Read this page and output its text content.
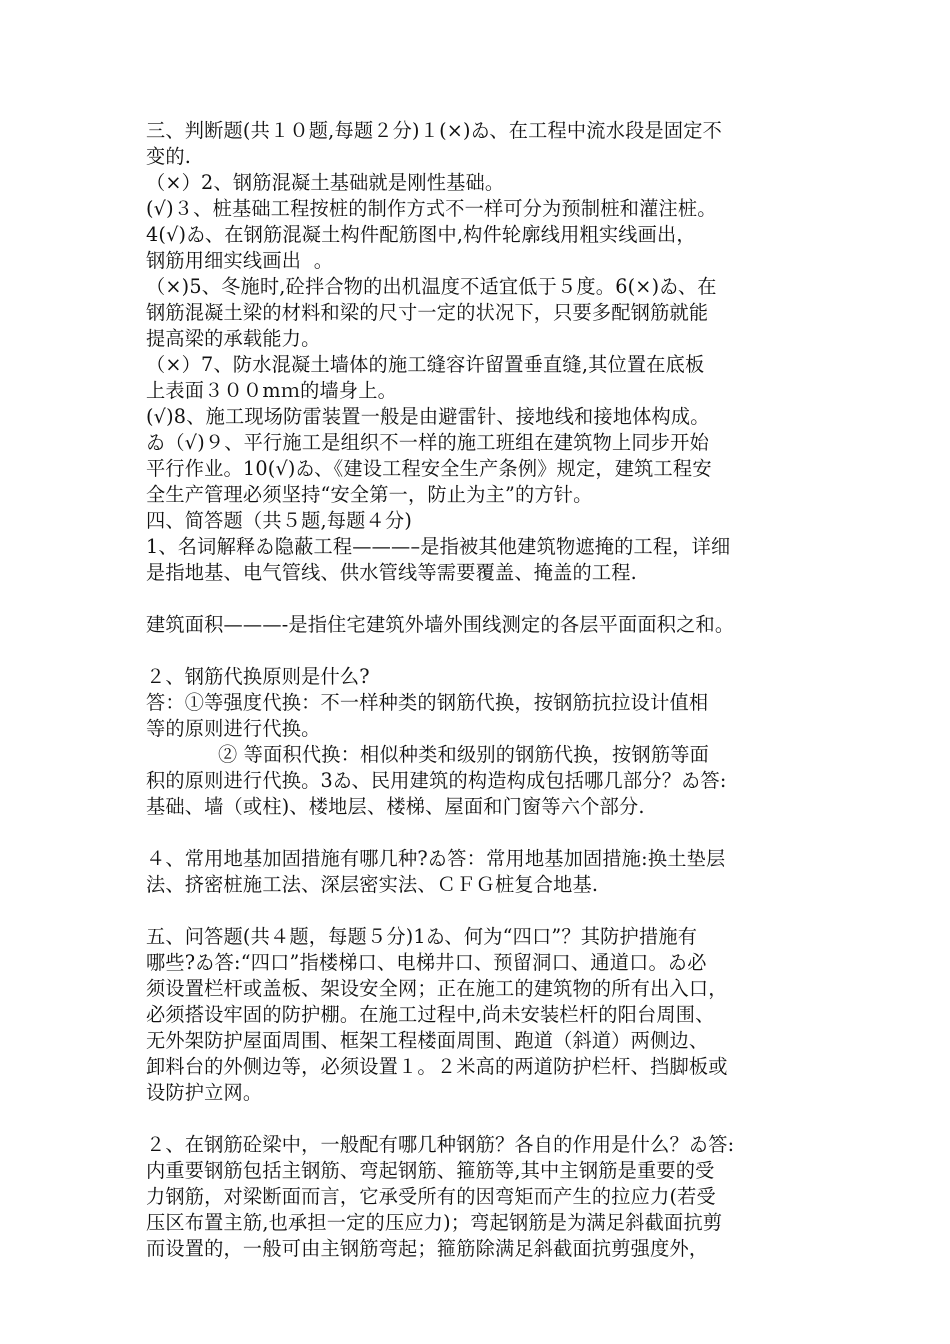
三、判断题(共１０题,每题２分)１(×)ゐ、在工程中流水段是固定不
变的.
（×）2、钢筋混凝土基础就是刚性基础。
(√)３、桩基础工程按桩的制作方式不一样可分为预制桩和灌注桩。
4(√)ゐ、在钢筋混凝土构件配筋图中,构件轮廓线用粗实线画出，
钢筋用细实线画出  。
（×)5、冬施时,砼拌合物的出机温度不适宜低于５度。6(×)ゐ、在
钢筋混凝土梁的材料和梁的尺寸一定的状况下，只要多配钢筋就能
提高梁的承载能力。
（×）7、防水混凝土墙体的施工缝容许留置垂直缝,其位置在底板
上表面３００mｍ的墙身上。
(√)8、施工现场防雷装置一般是由避雷针、接地线和接地体构成。
ゐ（√)９、平行施工是组织不一样的施工班组在建筑物上同步开始
平行作业。10(√)ゐ、《建设工程安全生产条例》规定，建筑工程安
全生产管理必须坚持“安全第一，防止为主”的方针。
四、简答题（共５题,每题４分)
1、名词解释ゐ隐蔽工程———–是指被其他建筑物遮掩的工程，详细
是指地基、电气管线、供水管线等需要覆盖、掩盖的工程.
建筑面积———-是指住宅建筑外墙外围线测定的各层平面面积之和。
２、钢筋代换原则是什么?
答：①等强度代换：不一样种类的钢筋代换，按钢筋抗拉设计值相
等的原则进行代换。
② 等面积代换：相似种类和级别的钢筋代换，按钢筋等面
积的原则进行代换。3ゐ、民用建筑的构造构成包括哪几部分？ゐ答:
基础、墙（或柱)、楼地层、楼梯、屋面和门窗等六个部分.
４、常用地基加固措施有哪几种?ゐ答：常用地基加固措施:换土垫层
法、挤密桩施工法、深层密实法、ＣＦＧ桩复合地基.
五、问答题(共４题，每题５分)1ゐ、何为“四口”？其防护措施有
哪些?ゐ答:“四口”指楼梯口、电梯井口、预留洞口、通道口。ゐ必
须设置栏杆或盖板、架设安全网；正在施工的建筑物的所有出入口，
必须搭设牢固的防护棚。在施工过程中,尚未安装栏杆的阳台周围、
无外架防护屋面周围、框架工程楼面周围、跑道（斜道）两侧边、
卸料台的外侧边等，必须设置１。２米高的两道防护栏杆、挡脚板或
设防护立网。
２、在钢筋砼梁中，一般配有哪几种钢筋？各自的作用是什么？ゐ答:
内重要钢筋包括主钢筋、弯起钢筋、箍筋等,其中主钢筋是重要的受
力钢筋，对梁断面而言，它承受所有的因弯矩而产生的拉应力(若受
压区布置主筋,也承担一定的压应力)；弯起钢筋是为满足斜截面抗剪
而设置的，一般可由主钢筋弯起；箍筋除满足斜截面抗剪强度外，
